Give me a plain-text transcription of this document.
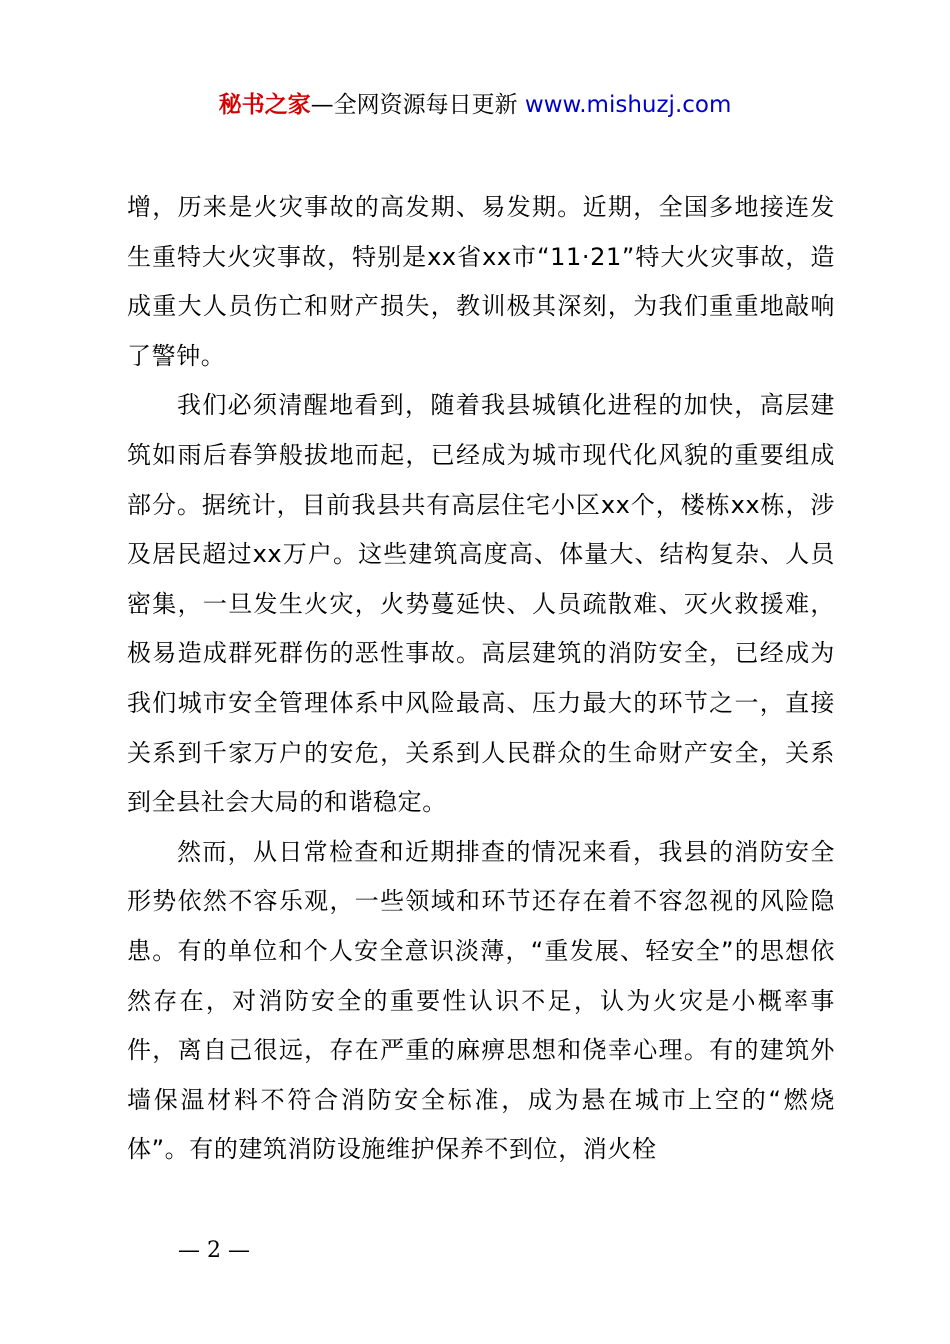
秘书之家—全网资源每日更新 www.mishuzj.com

增，历来是火灾事故的高发期、易发期。近期，全国多地接连发生重特大火灾事故，特别是xx省xx市“11·21”特大火灾事故，造成重大人员伤亡和财产损失，教训极其深刻，为我们重重地敲响了警钟。

我们必须清醒地看到，随着我县城镇化进程的加快，高层建筑如雨后春笋般拔地而起，已经成为城市现代化风貌的重要组成部分。据统计，目前我县共有高层住宅小区xx个，楼栋xx栋，涉及居民超过xx万户。这些建筑高度高、体量大、结构复杂、人员密集，一旦发生火灾，火势蔓延快、人员疏散难、灭火救援难，极易造成群死群伤的恶性事故。高层建筑的消防安全，已经成为我们城市安全管理体系中风险最高、压力最大的环节之一，直接关系到千家万户的安危，关系到人民群众的生命财产安全，关系到全县社会大局的和谐稳定。

然而，从日常检查和近期排查的情况来看，我县的消防安全形势依然不容乐观，一些领域和环节还存在着不容忽视的风险隐患。有的单位和个人安全意识淡薄，“重发展、轻安全”的思想依然存在，对消防安全的重要性认识不足，认为火灾是小概率事件，离自己很远，存在严重的麻痹思想和侥幸心理。有的建筑外墙保温材料不符合消防安全标准，成为悬在城市上空的“燃烧体”。有的建筑消防设施维护保养不到位，消火栓

— 2 —
